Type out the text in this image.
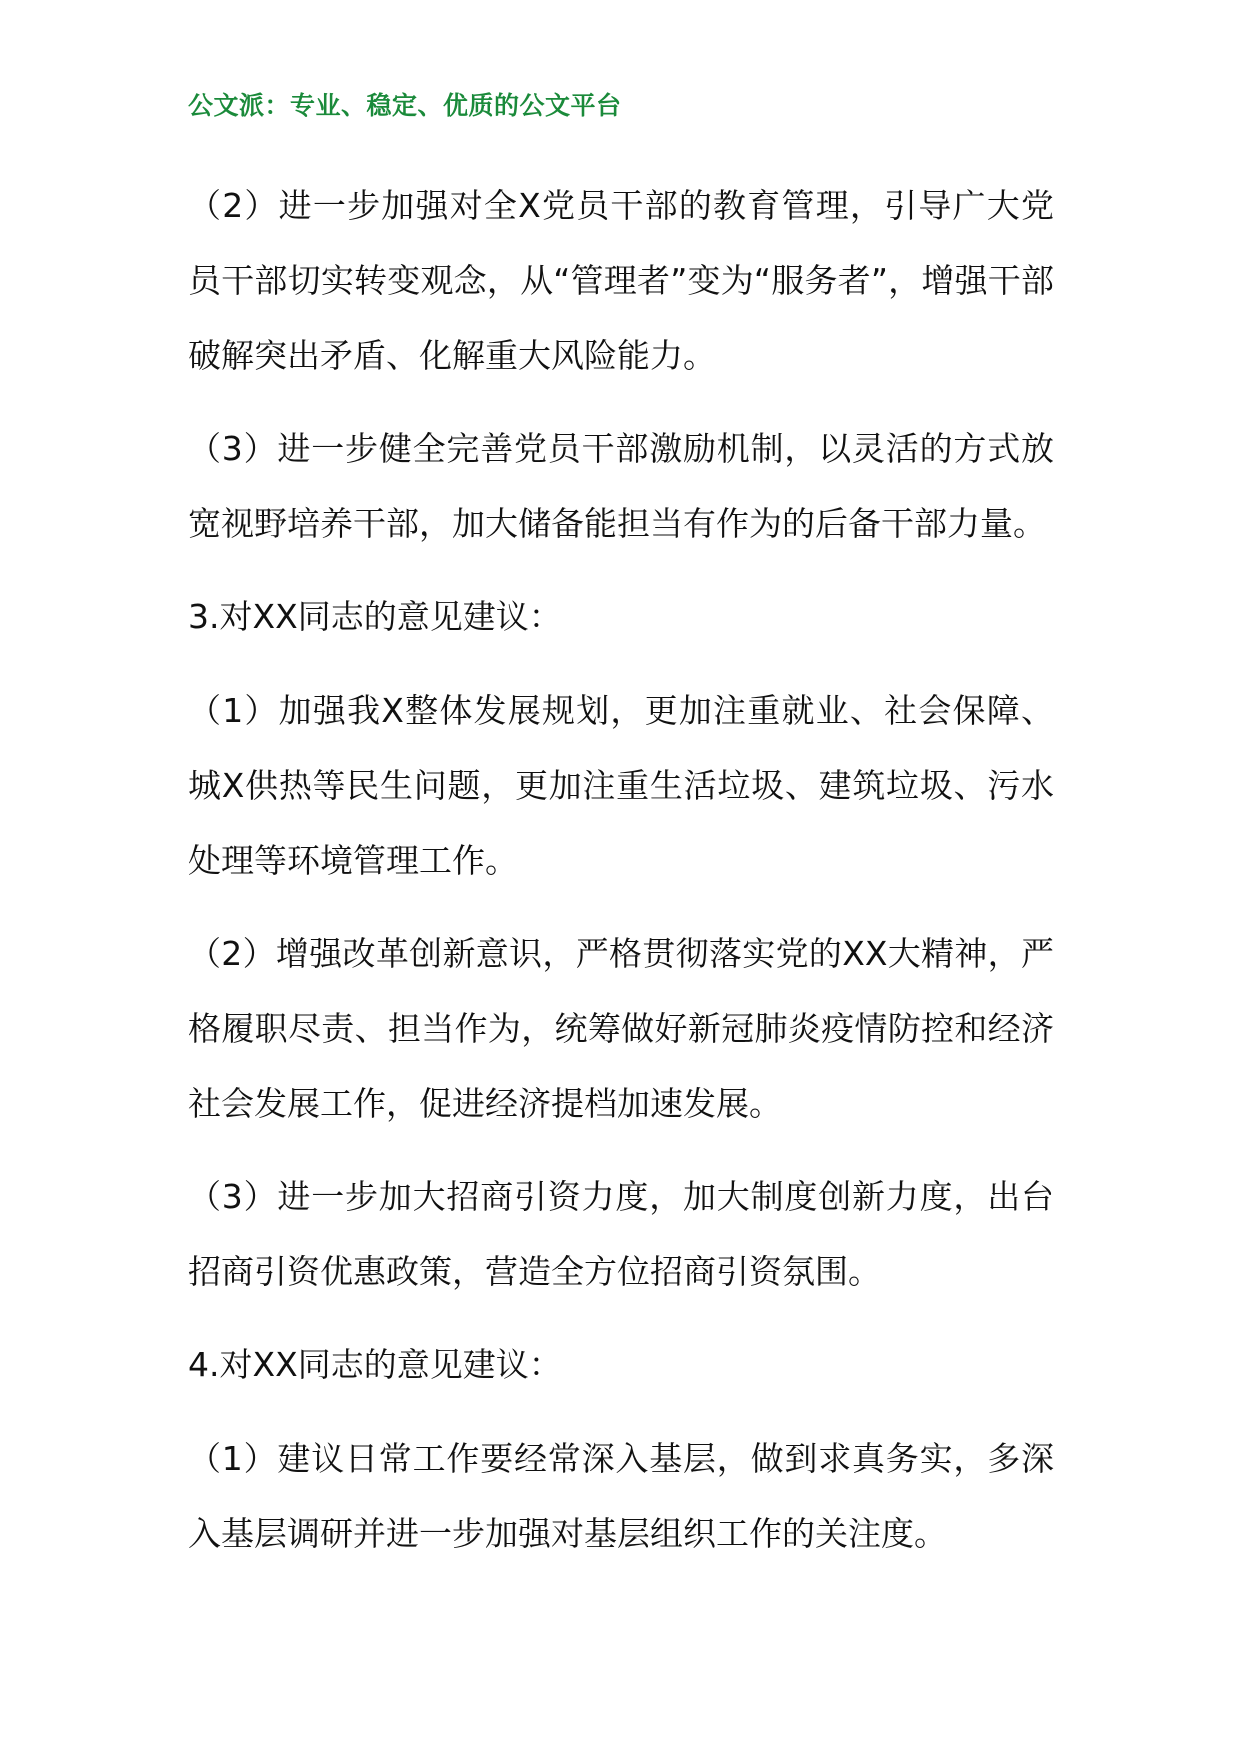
公文派：专业、稳定、优质的公文平台

（2）进一步加强对全X党员干部的教育管理，引导广大党员干部切实转变观念，从“管理者”变为“服务者”，增强干部破解突出矛盾、化解重大风险能力。

（3）进一步健全完善党员干部激励机制，以灵活的方式放宽视野培养干部，加大储备能担当有作为的后备干部力量。

3.对XX同志的意见建议：

（1）加强我X整体发展规划，更加注重就业、社会保障、城X供热等民生问题，更加注重生活垃圾、建筑垃圾、污水处理等环境管理工作。

（2）增强改革创新意识，严格贯彻落实党的XX大精神，严格履职尽责、担当作为，统筹做好新冠肺炎疫情防控和经济社会发展工作，促进经济提档加速发展。

（3）进一步加大招商引资力度，加大制度创新力度，出台招商引资优惠政策，营造全方位招商引资氛围。

4.对XX同志的意见建议：

（1）建议日常工作要经常深入基层，做到求真务实，多深入基层调研并进一步加强对基层组织工作的关注度。
